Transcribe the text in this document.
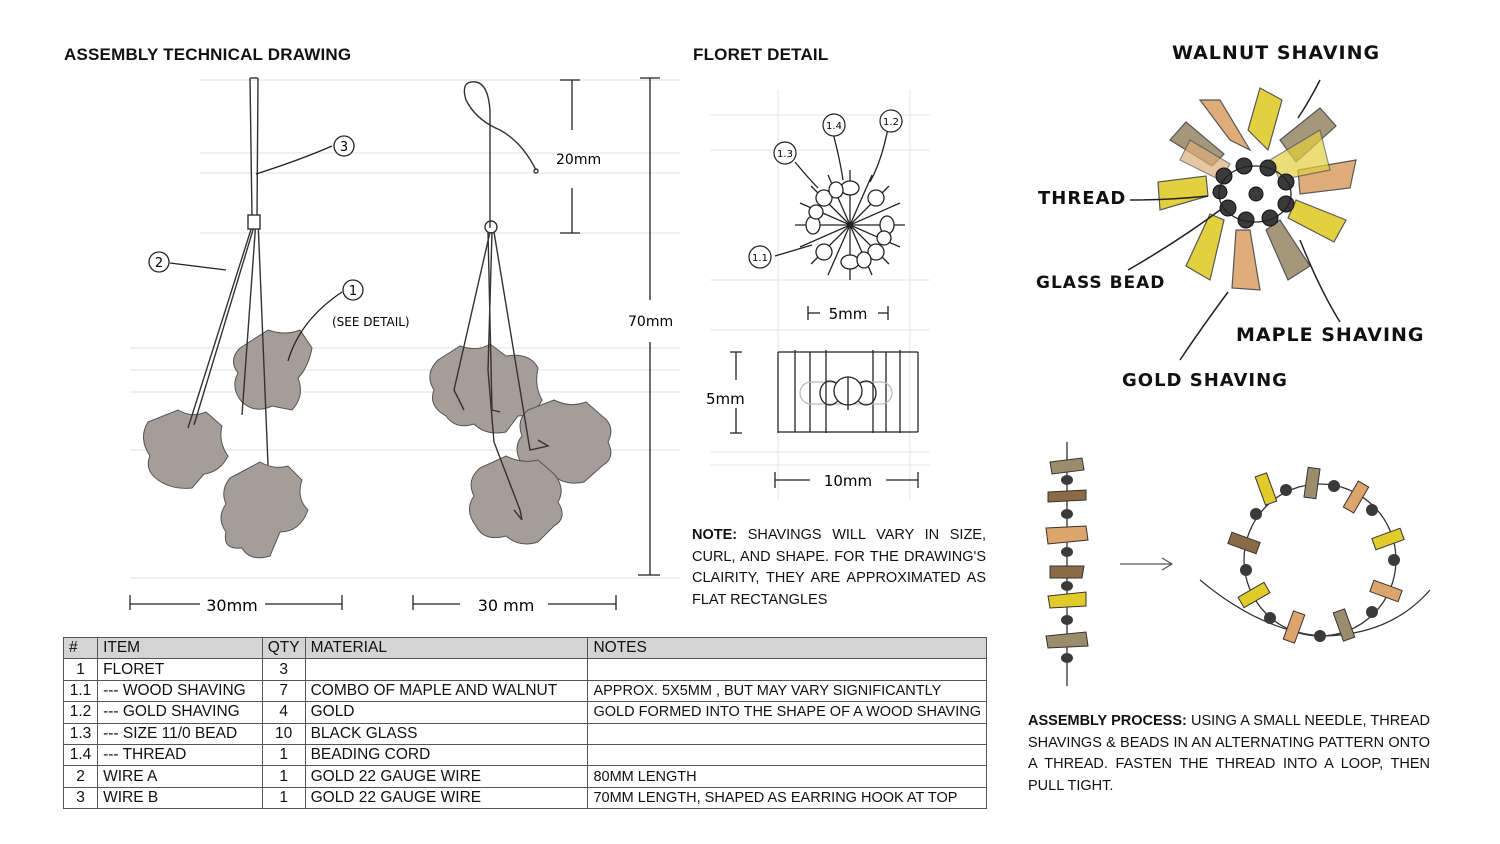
ASSEMBLY TECHNICAL DRAWING	FLORET DETAIL
3
2
1
(SEE DETAIL)
30mm
20mm
70mm
30 mm
1.1
1.3
1.4	1.2
5mm
5mm
10mm
NOTE: SHAVINGS WILL VARY IN SIZE, CURL, AND SHAPE. FOR THE DRAWING'S CLAIRITY, THEY ARE APPROXIMATED AS FLAT RECTANGLES
WALNUT SHAVING
THREAD
GLASS BEAD
MAPLE SHAVING
GOLD SHAVING
ASSEMBLY PROCESS: USING A SMALL NEEDLE, THREAD SHAVINGS & BEADS IN AN ALTERNATING PATTERN ONTO A THREAD. FASTEN THE THREAD INTO A LOOP, THEN PULL TIGHT.
#	ITEM	QTY	MATERIAL	NOTES
1	FLORET	3		
1.1	--- WOOD SHAVING	7	COMBO OF MAPLE AND WALNUT	APPROX. 5X5MM , BUT MAY VARY SIGNIFICANTLY
1.2	--- GOLD SHAVING	4	GOLD	GOLD FORMED INTO THE SHAPE OF A WOOD SHAVING
1.3	--- SIZE 11/0 BEAD	10	BLACK GLASS	
1.4	--- THREAD	1	BEADING CORD	
2	WIRE A	1	GOLD 22 GAUGE WIRE	80MM LENGTH
3	WIRE B	1	GOLD 22 GAUGE WIRE	70MM LENGTH, SHAPED AS EARRING HOOK AT TOP
